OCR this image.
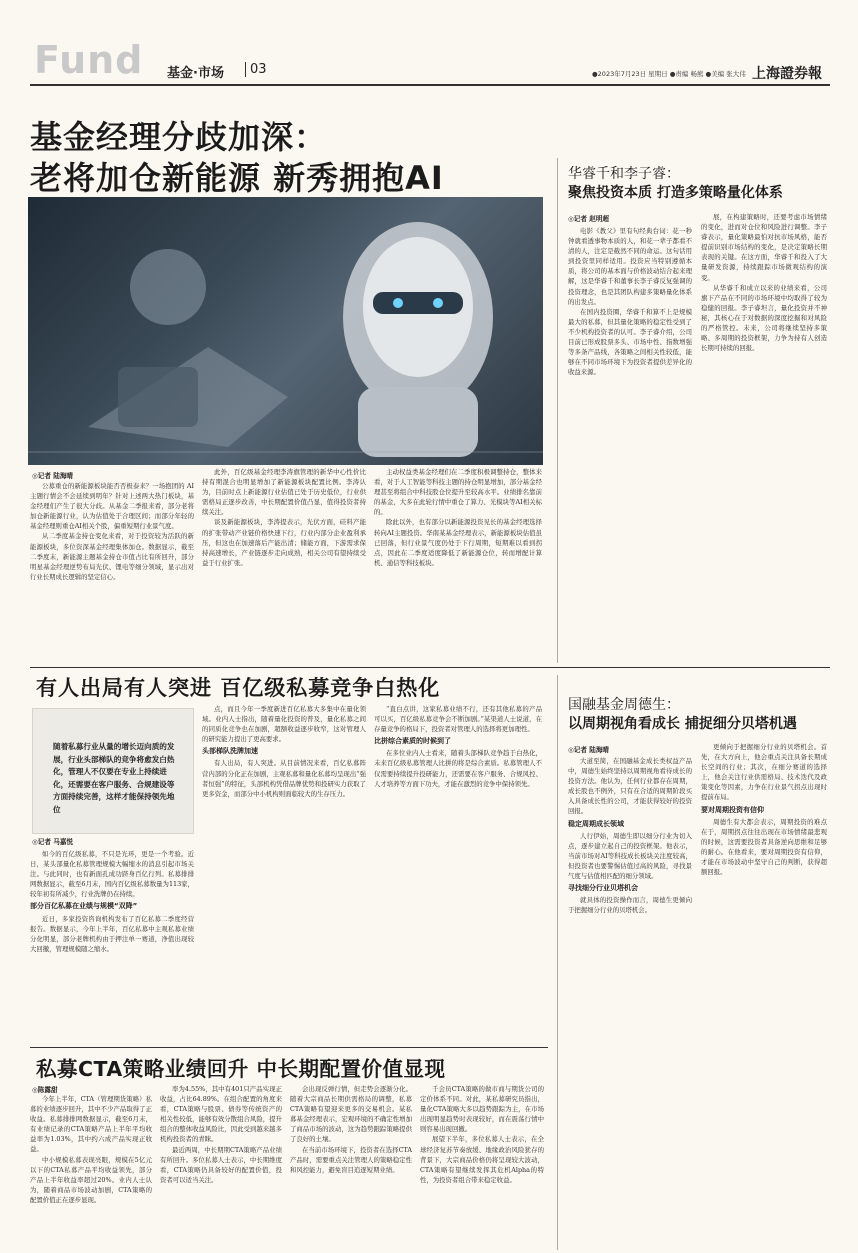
Fund 基金·市场 03	●2023年7月23日 星期日 ●责编 畅熊 ●美编 张大伟 上海證券報
基金经理分歧加深：
老将加仓新能源 新秀拥抱AI
◎记者 陆海晴

公募重仓的新能源板块能否否极泰来？一场抱团的 AI 主题行情会不会延续到明年？针对上述两大热门板块，基金经理们产生了很大分歧。从基金二季报来看，部分老将加仓新能源行业，认为估值处于合理区间；而部分年轻的基金经理则重仓AI相关个股，偏重短期行业景气度。

从二季度基金持仓变化来看，对于投资较为活跃的新能源板块，多位资深基金经理集体加仓。数据显示，截至二季度末，新能源主题基金持仓市值占比有所回升，部分明星基金经理逆势布局光伏、锂电等细分领域，显示出对行业长期成长逻辑的坚定信心。

此外，百亿级基金经理李涛旗管理的新华中心性价比持有期混合也明显增加了新能源板块配置比例。李涛认为，目前时点上新能源行业估值已处于历史低位，行业供需格局正逐步改善，中长期配置价值凸显，值得投资者持续关注。

谈及新能源板块，李涛提表示，光伏方面，硅料产能的扩张带动产业链价格快速下行，行业内部分企业盈利承压，但这也在加速落后产能出清；储能方面，下游需求保持高速增长，产业链逐步走向成熟，相关公司有望持续受益于行业扩张。

主动权益类基金经理们在二季度积极调整持仓，整体来看，对于人工智能等科技主题的持仓明显增加，部分基金经理甚至将组合中科技股仓位提升至较高水平。业绩排名靠前的基金，大多在此轮行情中重仓了算力、光模块等AI相关标的。

除此以外，也有部分以新能源投资见长的基金经理选择转向AI主题投资。华南某基金经理表示，新能源板块估值虽已回落，但行业景气度仍处于下行周期，短期难以看到拐点，因此在二季度适度降低了新能源仓位，转而增配计算机、通信等科技板块。

华睿千和李子睿：
聚焦投资本质 打造多策略量化体系
◎记者 赵明超

电影《教父》里有句经典台词：花一秒钟就看透事物本质的人，和花一辈子都看不清的人，注定是截然不同的命运。这句话用到投资里同样适用。投资应当特别遵循本质，将公司的基本面与价格波动结合起来理解，这是华睿千和董事长李子睿反复强调的投资理念，也是其团队构建多策略量化体系的出发点。

在国内投资圈，华睿千和算不上是规模最大的私募，但其量化策略的稳定性受到了不少机构投资者的认可。李子睿介绍，公司目前已形成股票多头、市场中性、指数增强等多条产品线，各策略之间相关性较低，能够在不同市场环境下为投资者提供差异化的收益来源。

展，在构建策略时，还要考虑市场情绪的变化，进而对仓位和风险进行调整。李子睿表示，量化策略最怕对抗市场风格，能否提前识别市场结构的变化，是决定策略长期表现的关键。在这方面，华睿千和投入了大量研发资源，持续跟踪市场微观结构的演变。

从华睿千和成立以来的业绩来看，公司旗下产品在不同的市场环境中均取得了较为稳健的回报。李子睿坦言，量化投资并不神秘，其核心在于对数据的深度挖掘和对风险的严格管控。未来，公司将继续坚持多策略、多周期的投资框架，力争为持有人创造长期可持续的回报。

有人出局有人突进 百亿级私募竞争白热化
随着私募行业从量的增长迈向质的发展，行业头部梯队的竞争将愈发白热化，管理人不仅要在专业上持续进化，还需要在客户服务、合规建设等方面持续完善，这样才能保持领先地位
◎记者 马嘉悦

如今的百亿级私募，不只是光环，更是一个考验。近日，某头部量化私募管理规模大幅缩水的消息引起市场关注。与此同时，也有新面孔成功跻身百亿行列。私募排排网数据显示，截至6月末，国内百亿级私募数量为113家，较年初有所减少，行业洗牌仍在持续。

部分百亿私募在业绩与规模“双降”

近日，多家投资咨询机构发布了百亿私募二季度经营报告。数据显示，今年上半年，百亿私募中主观私募业绩分化明显，部分老牌机构由于押注单一赛道，净值出现较大回撤，管理规模随之缩水。

点，而且今年一季度新进百亿私募大多集中在量化领域。业内人士指出，随着量化投资的普及，量化私募之间的同质化竞争也在加剧，超额收益逐步收窄，这对管理人的研究能力提出了更高要求。

头部梯队洗牌加速

有人出局，有人突进。从目前情况来看，百亿私募阵营内部的分化正在加剧，主观私募和量化私募均呈现出“强者恒强”的特征，头部机构凭借品牌优势和投研实力获取了更多资金，而部分中小机构则面临较大的生存压力。

“直白点讲，这家私募业绩不行，还有其他私募的产品可以买，百亿级私募竞争会不断加剧。”某渠道人士说道，在存量竞争的格局下，投资者对管理人的选择将更加理性。

比拼综合素质的时候到了

在多位业内人士看来，随着头部梯队竞争趋于白热化，未来百亿级私募管理人比拼的将是综合素质。私募管理人不仅需要持续提升投研能力，还需要在客户服务、合规风控、人才培养等方面下功夫，才能在激烈的竞争中保持领先。

国融基金周德生：
以周期视角看成长 捕捉细分贝塔机遇
◎记者 陆海晴

大道至简，在国融基金成长类权益产品中，周德生始终坚持以周期视角看待成长的投资方法。他认为，任何行业都存在周期，成长股也不例外，只有在合适的周期阶段买入具备成长性的公司，才能获得较好的投资回报。

稳定周期成长领域

人行伊始，周德生即以细分行业为切入点，逐步建立起自己的投资框架。他表示，当前市场对AI等科技成长板块关注度较高，但投资者也要警惕估值过高的风险，寻找景气度与估值相匹配的细分领域。

寻找细分行业贝塔机会

就具体的投资操作而言，周德生更倾向于把握细分行业的贝塔机会。

更倾向于把握细分行业的贝塔机会。首先，在大方向上，他会重点关注具备长期成长空间的行业；其次，在细分赛道的选择上，他会关注行业供需格局、技术迭代及政策变化等因素，力争在行业景气拐点出现时提前布局。

要对周期投资有信仰

周德生有大都会表示，周期投资的难点在于，周期拐点往往出现在市场情绪最悲观的时候，这需要投资者具备逆向思维和足够的耐心。在他看来，要对周期投资有信仰，才能在市场波动中坚守自己的判断，获得超额回报。

私募CTA策略业绩回升 中长期配置价值显现
◎陈露甜

今年上半年，CTA（管理期货策略）私募的业绩逐步回升，其中不少产品取得了正收益。私募排排网数据显示，截至6月末，有业绩记录的CTA策略产品上半年平均收益率为1.03%，其中约六成产品实现正收益。

中小规模私募表现亮眼，规模在5亿元以下的CTA私募产品平均收益领先，部分产品上半年收益率超过20%。业内人士认为，随着商品市场波动加剧，CTA策略的配置价值正在逐步显现。

率为4.55%，其中有401只产品实现正收益，占比64.89%。在组合配置的角度来看，CTA策略与股票、债券等传统资产的相关性较低，能够有效分散组合风险，提升组合的整体收益风险比，因此受到越来越多机构投资者的青睐。

最近两周，中长期期CTA策略产品业绩有所回升。多位私募人士表示，中长期维度看，CTA策略仍具备较好的配置价值，投资者可以适当关注。

会出现反弹行情，但走势会逐渐分化。随着大宗商品长期供需格局的调整，私募CTA策略有望迎来更多的交易机会。某私募基金经理表示，宏观环境的不确定性增加了商品市场的波动，这为趋势跟踪策略提供了良好的土壤。

在当前市场环境下，投资者在选择CTA产品时，需要重点关注管理人的策略稳定性和风控能力，避免盲目追逐短期业绩。

千会员CTA策略的做市商与期货公司的定价体系不同。对此，某私募研究员指出，量化CTA策略大多以趋势跟踪为主，在市场出现明显趋势时表现较好，而在震荡行情中则容易出现回撤。

展望下半年，多位私募人士表示，在全球经济复苏节奏放缓、地缘政治风险犹存的背景下，大宗商品价格仍将呈现较大波动，CTA策略有望继续发挥其危机Alpha的特性，为投资者组合带来稳定收益。
